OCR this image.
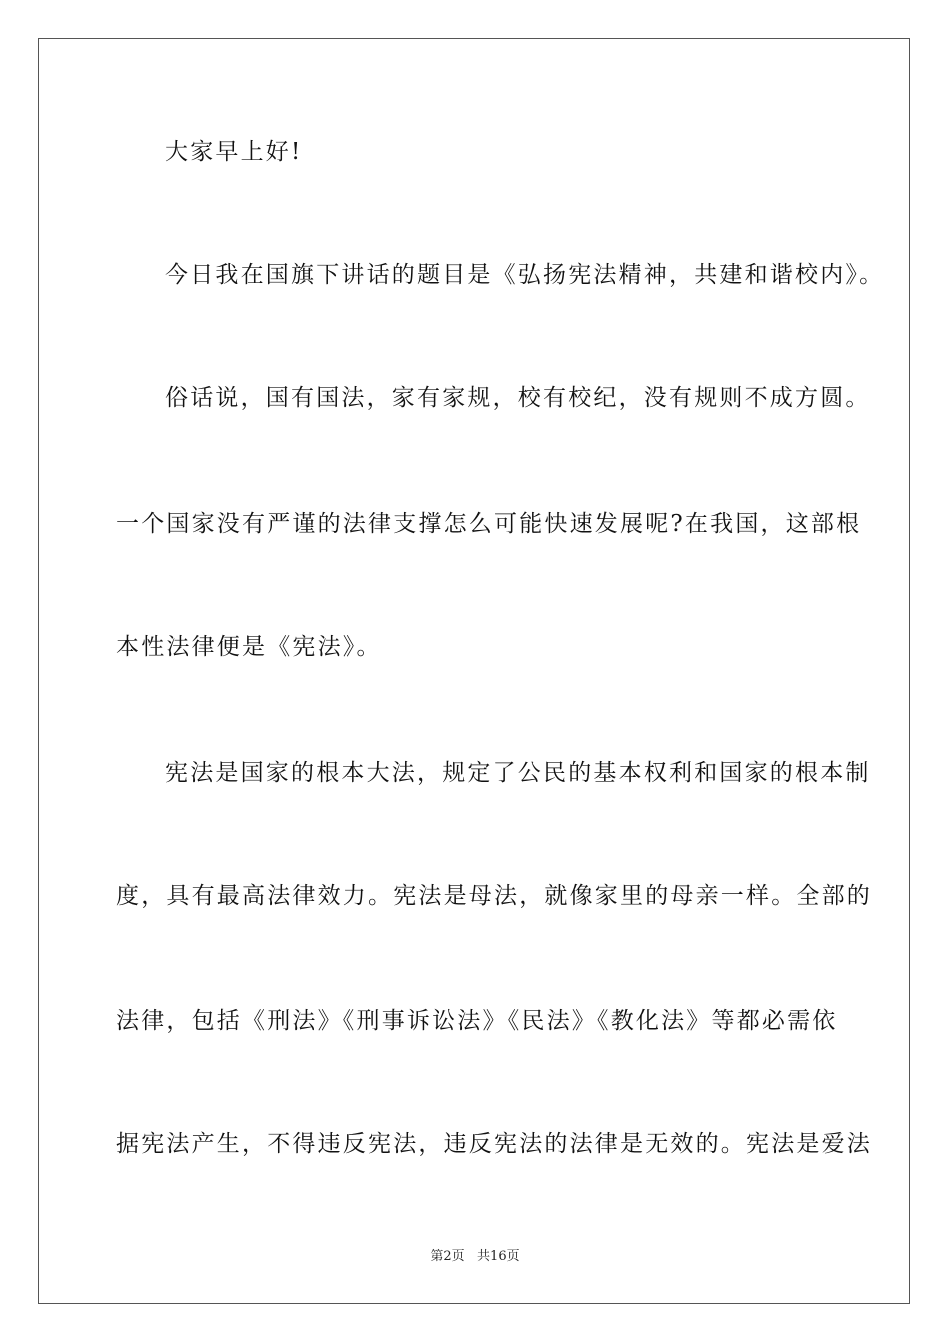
大家早上好!
今日我在国旗下讲话的题目是《弘扬宪法精神，共建和谐校内》。
俗话说，国有国法，家有家规，校有校纪，没有规则不成方圆。
一个国家没有严谨的法律支撑怎么可能快速发展呢?在我国，这部根
本性法律便是《宪法》。
宪法是国家的根本大法，规定了公民的基本权利和国家的根本制
度，具有最高法律效力。宪法是母法，就像家里的母亲一样。全部的
法律，包括《刑法》《刑事诉讼法》《民法》《教化法》等都必需依
据宪法产生，不得违反宪法，违反宪法的法律是无效的。宪法是爱法
第2页   共16页
